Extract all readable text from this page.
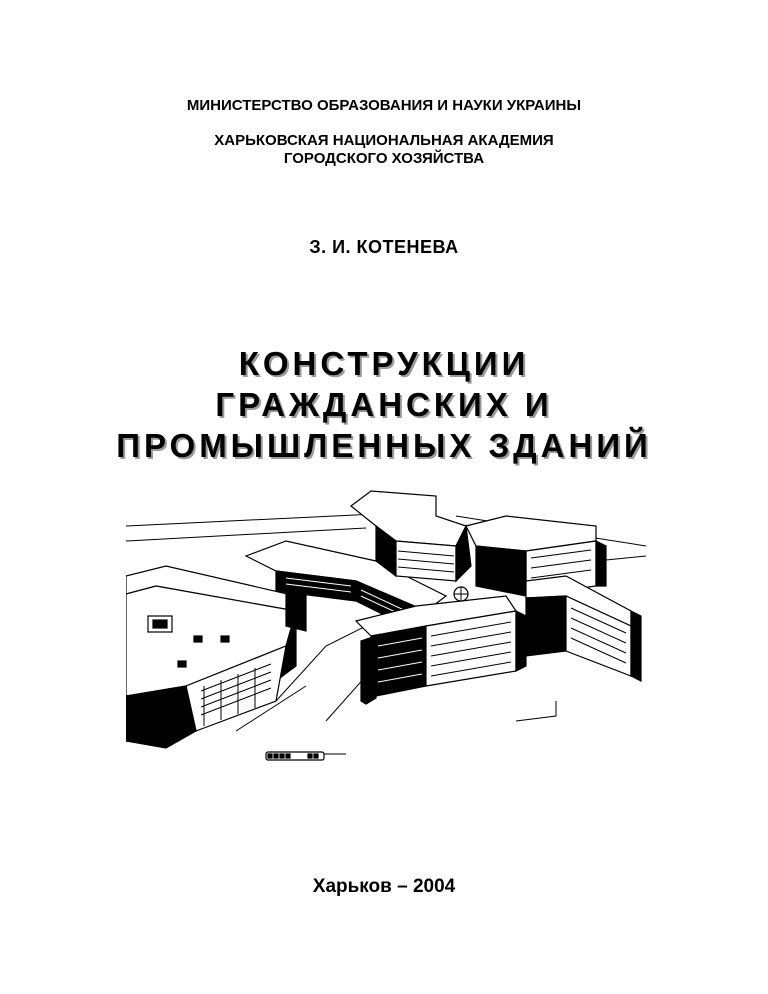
МИНИСТЕРСТВО ОБРАЗОВАНИЯ И НАУКИ УКРАИНЫ
ХАРЬКОВСКАЯ НАЦИОНАЛЬНАЯ АКАДЕМИЯ
ГОРОДСКОГО ХОЗЯЙСТВА
З. И. КОТЕНЕВА
КОНСТРУКЦИИ
ГРАЖДАНСКИХ И
ПРОМЫШЛЕННЫХ ЗДАНИЙ
Харьков – 2004
